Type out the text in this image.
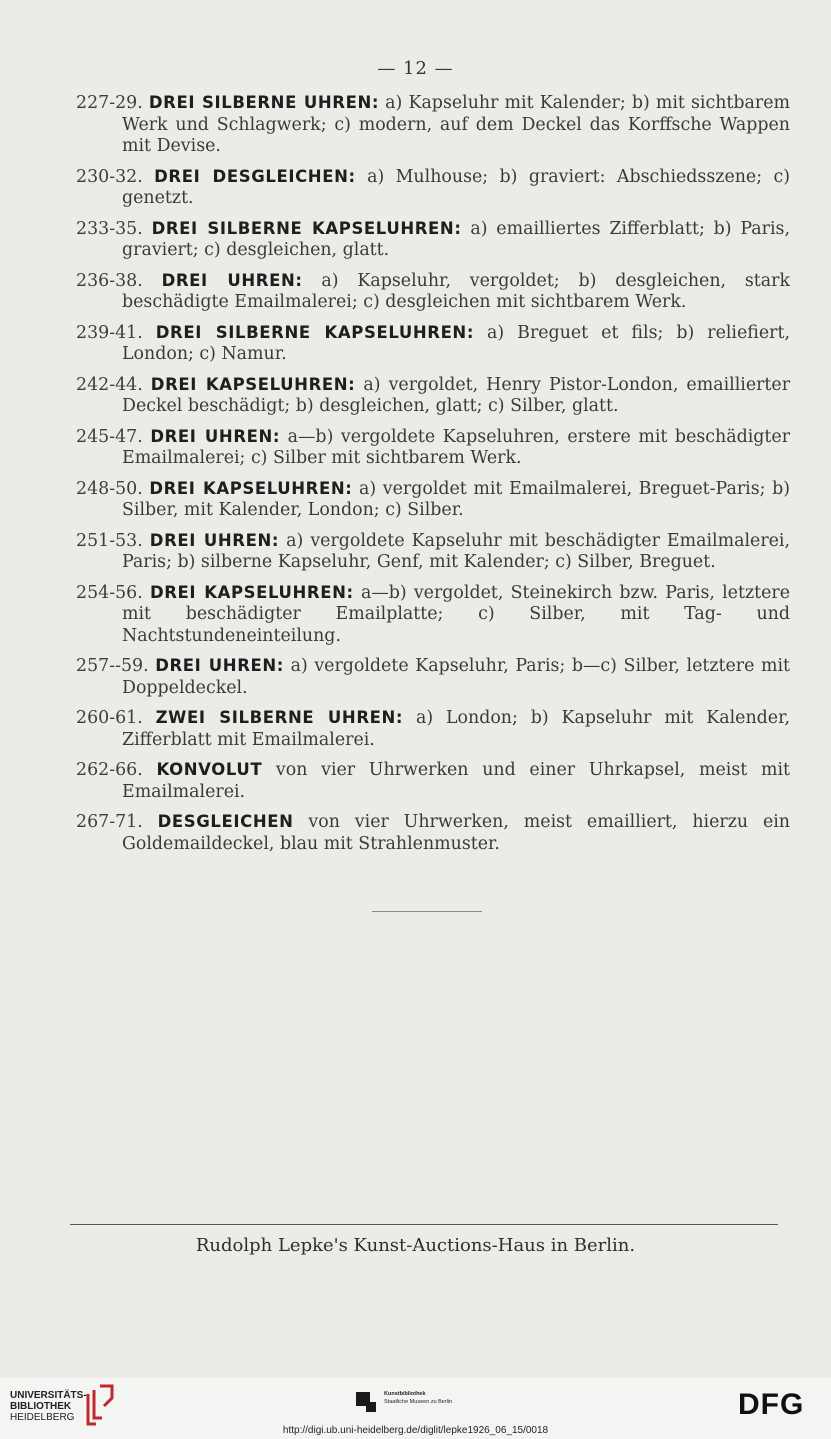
— 12 —
227-29. DREI SILBERNE UHREN: a) Kapseluhr mit Kalender; b) mit sichtbarem Werk und Schlagwerk; c) modern, auf dem Deckel das Korffsche Wappen mit Devise.
230-32. DREI DESGLEICHEN: a) Mulhouse; b) graviert: Abschiedsszene; c) genetzt.
233-35. DREI SILBERNE KAPSELUHREN: a) emailliertes Zifferblatt; b) Paris, graviert; c) desgleichen, glatt.
236-38. DREI UHREN: a) Kapseluhr, vergoldet; b) desgleichen, stark beschädigte Emailmalerei; c) desgleichen mit sichtbarem Werk.
239-41. DREI SILBERNE KAPSELUHREN: a) Breguet et fils; b) reliefiert, London; c) Namur.
242-44. DREI KAPSELUHREN: a) vergoldet, Henry Pistor-London, emaillierter Deckel beschädigt; b) desgleichen, glatt; c) Silber, glatt.
245-47. DREI UHREN: a—b) vergoldete Kapseluhren, erstere mit beschädigter Emailmalerei; c) Silber mit sichtbarem Werk.
248-50. DREI KAPSELUHREN: a) vergoldet mit Emailmalerei, Breguet-Paris; b) Silber, mit Kalender, London; c) Silber.
251-53. DREI UHREN: a) vergoldete Kapseluhr mit beschädigter Emailmalerei, Paris; b) silberne Kapseluhr, Genf, mit Kalender; c) Silber, Breguet.
254-56. DREI KAPSELUHREN: a—b) vergoldet, Steinekirch bzw. Paris, letztere mit beschädigter Emailplatte; c) Silber, mit Tag- und Nachtstundeneinteilung.
257--59. DREI UHREN: a) vergoldete Kapseluhr, Paris; b—c) Silber, letztere mit Doppeldeckel.
260-61. ZWEI SILBERNE UHREN: a) London; b) Kapseluhr mit Kalender, Zifferblatt mit Emailmalerei.
262-66. KONVOLUT von vier Uhrwerken und einer Uhrkapsel, meist mit Emailmalerei.
267-71. DESGLEICHEN von vier Uhrwerken, meist emailliert, hierzu ein Goldemaildeckel, blau mit Strahlenmuster.
Rudolph Lepke's Kunst-Auctions-Haus in Berlin.
UNIVERSITÄTS-
BIBLIOTHEK
HEIDELBERG
Kunstbibliothek
Staatliche Museen zu Berlin	DFG
http://digi.ub.uni-heidelberg.de/diglit/lepke1926_06_15/0018
